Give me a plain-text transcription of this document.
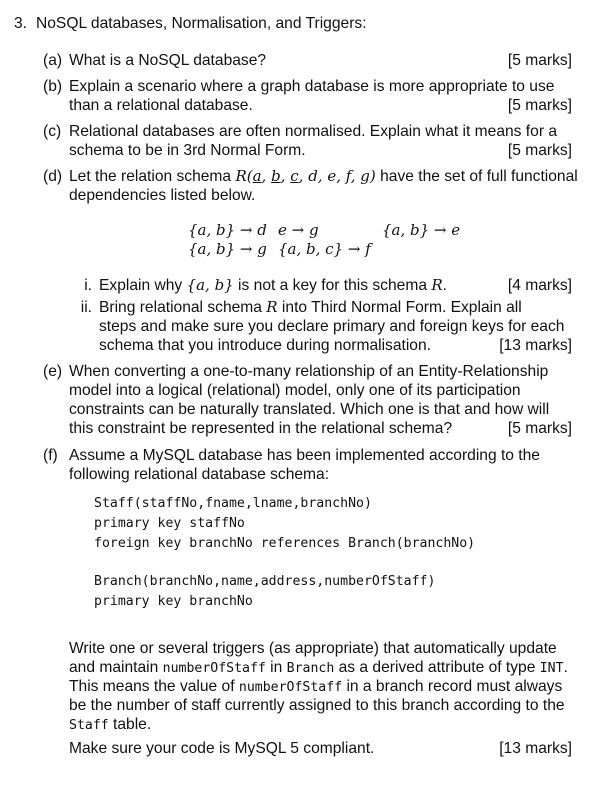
3. NoSQL databases, Normalisation, and Triggers:
(a) What is a NoSQL database?	[5 marks]
(b) Explain a scenario where a graph database is more appropriate to use
than a relational database.	[5 marks]
(c) Relational databases are often normalised. Explain what it means for a
schema to be in 3rd Normal Form.	[5 marks]
(d) Let the relation schema R(a, b, c, d, e, f, g) have the set of full functional
dependencies listed below.
{a, b} → d e → g	{a, b} → e
{a, b} → g {a, b, c} → f
i. Explain why {a, b} is not a key for this schema R.	[4 marks]
ii. Bring relational schema R into Third Normal Form. Explain all
steps and make sure you declare primary and foreign keys for each
schema that you introduce during normalisation.	[13 marks]
(e) When converting a one-to-many relationship of an Entity-Relationship
model into a logical (relational) model, only one of its participation
constraints can be naturally translated. Which one is that and how will
this constraint be represented in the relational schema?	[5 marks]
(f) Assume a MySQL database has been implemented according to the
following relational database schema:
Staff(staffNo,fname,lname,branchNo)
primary key staffNo
foreign key branchNo references Branch(branchNo)
Branch(branchNo,name,address,numberOfStaff)
primary key branchNo
Write one or several triggers (as appropriate) that automatically update
and maintain numberOfStaff in Branch as a derived attribute of type INT.
This means the value of numberOfStaff in a branch record must always
be the number of staff currently assigned to this branch according to the
Staff table.
Make sure your code is MySQL 5 compliant.	[13 marks]
